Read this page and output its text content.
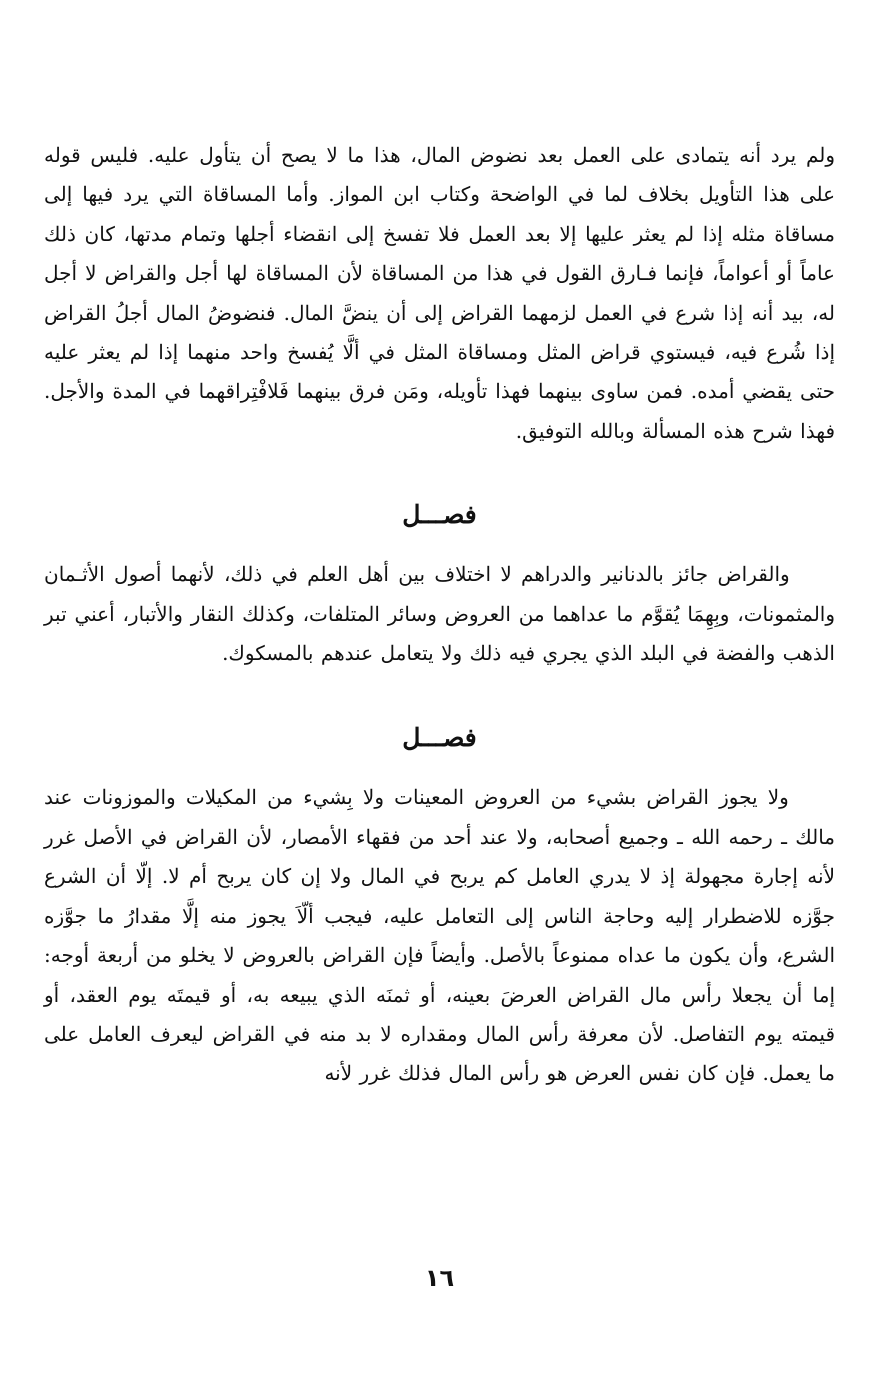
ولم يرد أنه يتمادى على العمل بعد نضوض المال، هذا ما لا يصح أن يتأول عليه. فليس قوله على هذا التأويل بخلاف لما في الواضحة وكتاب ابن المواز. وأما المساقاة التي يرد فيها إلى مساقاة مثله إذا لم يعثر عليها إلا بعد العمل فلا تفسخ إلى انقضاء أجلها وتمام مدتها، كان ذلك عاماً أو أعواماً، فإنما فـارق القول في هذا من المساقاة لأن المساقاة لها أجل والقراض لا أجل له، بيد أنه إذا شرع في العمل لزمهما القراض إلى أن ينضَّ المال. فنضوضُ المال أجلُ القراض إذا شُرع فيه، فيستوي قراض المثل ومساقاة المثل في ألَّا يُفسخ واحد منهما إذا لم يعثر عليه حتى يقضي أمده. فمن ساوى بينهما فهذا تأويله، ومَن فرق بينهما فَلافْتِراقهما في المدة والأجل. فهذا شرح هذه المسألة وبالله التوفيق.

فصـــل

والقراض جائز بالدنانير والدراهم لا اختلاف بين أهل العلم في ذلك، لأنهما أصول الأثـمان والمثمونات، وبِهِمَا يُقوَّم ما عداهما من العروض وسائر المتلفات، وكذلك النقار والأتبار، أعني تبر الذهب والفضة في البلد الذي يجري فيه ذلك ولا يتعامل عندهم بالمسكوك.

فصـــل

ولا يجوز القراض بشيء من العروض المعينات ولا بِشيء من المكيلات والموزونات عند مالك ـ رحمه الله ـ وجميع أصحابه، ولا عند أحد من فقهاء الأمصار، لأن القراض في الأصل غرر لأنه إجارة مجهولة إذ لا يدري العامل كم يربح في المال ولا إن كان يربح أم لا. إلّا أن الشرع جوَّزه للاضطرار إليه وحاجة الناس إلى التعامل عليه، فيجب ألّاَ يجوز منه إلَّا مقدارُ ما جوَّزه الشرع، وأن يكون ما عداه ممنوعاً بالأصل. وأيضاً فإن القراض بالعروض لا يخلو من أربعة أوجه: إما أن يجعلا رأس مال القراض العرضَ بعينه، أو ثمنَه الذي يبيعه به، أو قيمتَه يوم العقد، أو قيمته يوم التفاصل. لأن معرفة رأس المال ومقداره لا بد منه في القراض ليعرف العامل على ما يعمل. فإن كان نفس العرض هو رأس المال فذلك غرر لأنه

١٦
